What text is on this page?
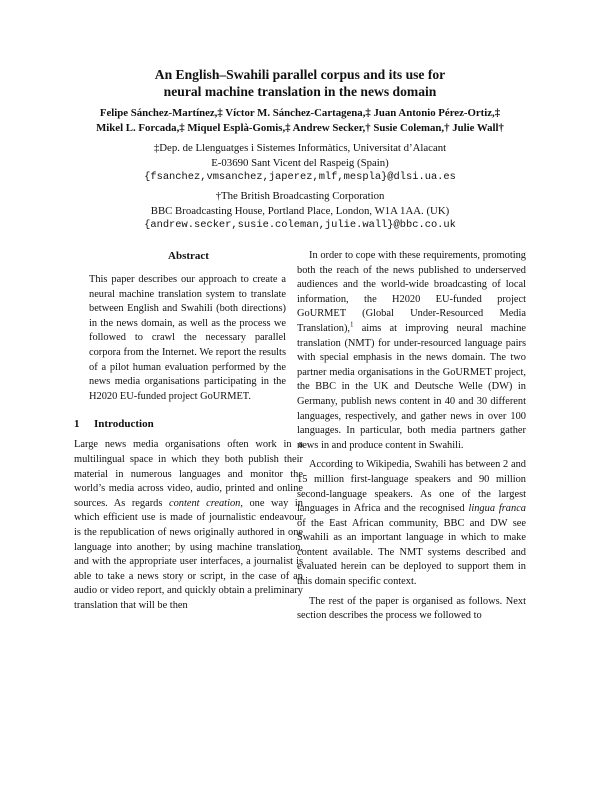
An English–Swahili parallel corpus and its use for
neural machine translation in the news domain
Felipe Sánchez-Martínez,‡ Víctor M. Sánchez-Cartagena,‡ Juan Antonio Pérez-Ortiz,‡
Mikel L. Forcada,‡ Miquel Esplà-Gomis,‡ Andrew Secker,† Susie Coleman,† Julie Wall†
‡Dep. de Llenguatges i Sistemes Informàtics, Universitat d’Alacant
E-03690 Sant Vicent del Raspeig (Spain)
{fsanchez,vmsanchez,japerez,mlf,mespla}@dlsi.ua.es
†The British Broadcasting Corporation
BBC Broadcasting House, Portland Place, London, W1A 1AA. (UK)
{andrew.secker,susie.coleman,julie.wall}@bbc.co.uk
Abstract

This paper describes our approach to create a neural machine translation system to translate between English and Swahili (both directions) in the news domain, as well as the process we followed to crawl the necessary parallel corpora from the Internet. We report the results of a pilot human evaluation performed by the news media organisations participating in the H2020 EU-funded project GoURMET.

1 Introduction

Large news media organisations often work in a multilingual space in which they both publish their material in numerous languages and monitor the world’s media across video, audio, printed and online sources. As regards content creation, one way in which efficient use is made of journalistic endeavour is the republication of news originally authored in one language into another; by using machine translation, and with the appropriate user interfaces, a journalist is able to take a news story or script, in the case of an audio or video report, and quickly obtain a preliminary translation that will be then

In order to cope with these requirements, promoting both the reach of the news published to underserved audiences and the world-wide broadcasting of local information, the H2020 EU-funded project GoURMET (Global Under-Resourced Media Translation),$^1$ aims at improving neural machine translation (NMT) for under-resourced language pairs with special emphasis in the news domain. The two partner media organisations in the GoURMET project, the BBC in the UK and Deutsche Welle (DW) in Germany, publish news content in 40 and 30 different languages, respectively, and gather news in over 100 languages. In particular, both media partners gather news in and produce content in Swahili.

According to Wikipedia, Swahili has between 2 and 15 million first-language speakers and 90 million second-language speakers. As one of the largest languages in Africa and the recognised lingua franca of the East African community, BBC and DW see Swahili as an important language in which to make content available. The NMT systems described and evaluated herein can be deployed to support them in this domain specific context.

The rest of the paper is organised as follows. Next section describes the process we followed to
